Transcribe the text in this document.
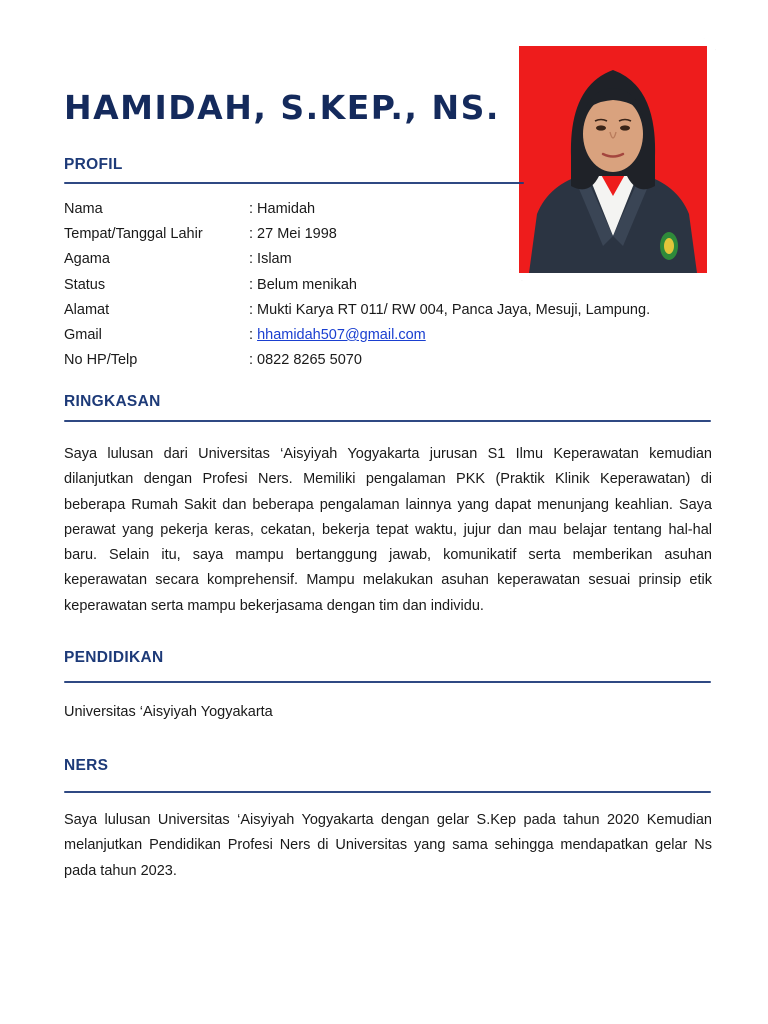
HAMIDAH, S.KEP., NS.
PROFIL
Nama	: Hamidah
Tempat/Tanggal Lahir	: 27 Mei 1998
Agama	: Islam
Status	: Belum menikah
Alamat	: Mukti Karya RT 011/ RW 004, Panca Jaya, Mesuji, Lampung.
Gmail	: hhamidah507@gmail.com
No HP/Telp	: 0822 8265 5070
RINGKASAN

Saya lulusan dari Universitas ‘Aisyiyah Yogyakarta jurusan S1 Ilmu Keperawatan kemudian dilanjutkan dengan Profesi Ners. Memiliki pengalaman PKK (Praktik Klinik Keperawatan) di beberapa Rumah Sakit dan beberapa pengalaman lainnya yang dapat menunjang keahlian. Saya perawat yang pekerja keras, cekatan, bekerja tepat waktu, jujur dan mau belajar tentang hal-hal baru. Selain itu, saya mampu bertanggung jawab, komunikatif serta memberikan asuhan keperawatan secara komprehensif. Mampu melakukan asuhan keperawatan sesuai prinsip etik keperawatan serta mampu bekerjasama dengan tim dan individu.

PENDIDIKAN

Universitas ‘Aisyiyah Yogyakarta

NERS

Saya lulusan Universitas ‘Aisyiyah Yogyakarta dengan gelar S.Kep pada tahun 2020 Kemudian melanjutkan Pendidikan Profesi Ners di Universitas yang sama sehingga mendapatkan gelar Ns pada tahun 2023.
